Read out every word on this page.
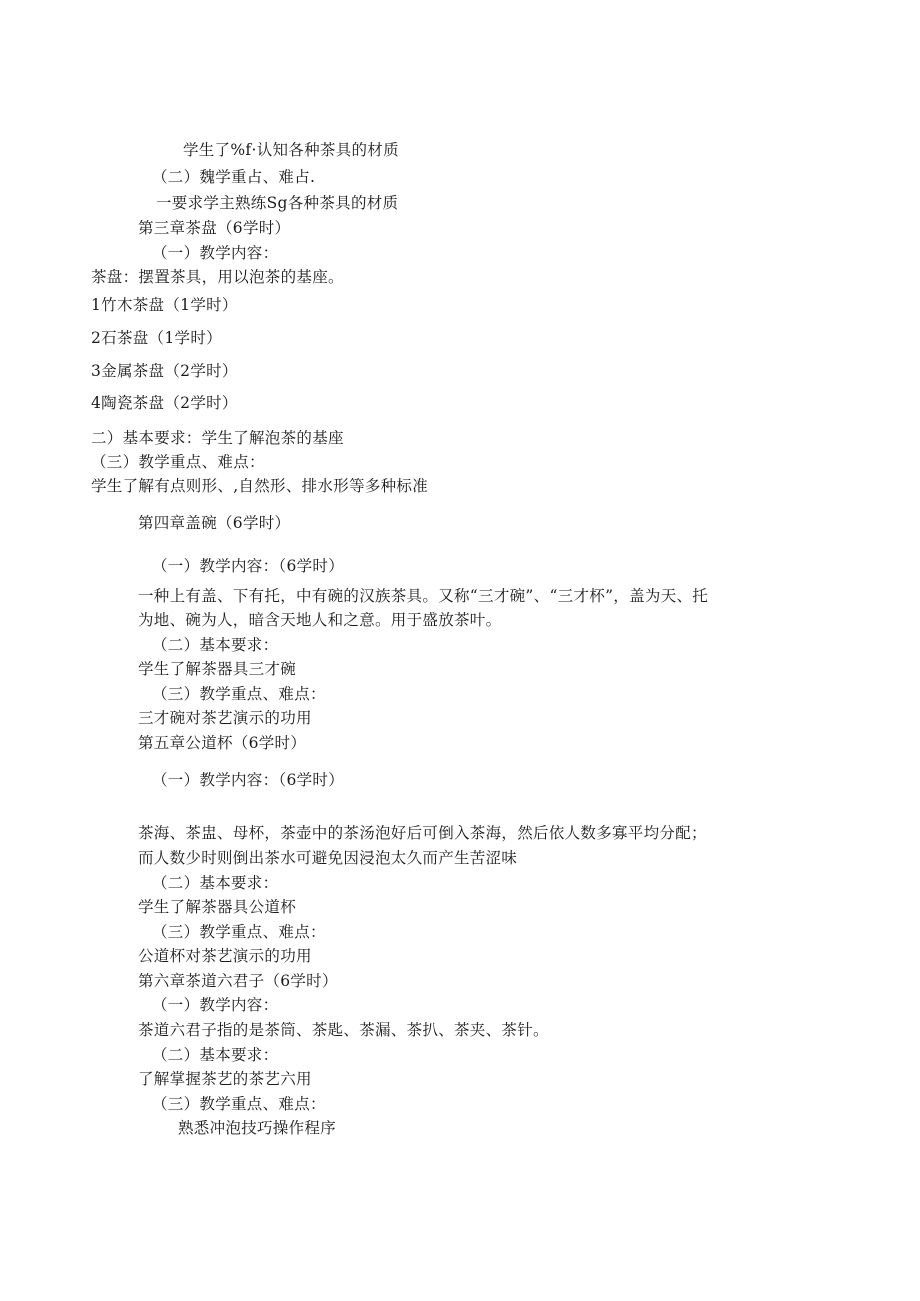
学生了%f·认知各种茶具的材质
（二）魏学重占、难占.
一要求学主熟练Sg各种茶具的材质
第三章茶盘（6学时）
（一）教学内容：
茶盘：摆置茶具，用以泡茶的基座。
1竹木茶盘（1学时）
2石茶盘（1学时）
3金属茶盘（2学时）
4陶瓷茶盘（2学时）
二）基本要求：学生了解泡茶的基座
（三）教学重点、难点：
学生了解有点则形、,自然形、排水形等多种标准
第四章盖碗（6学时）
（一）教学内容：（6学时）
一种上有盖、下有托，中有碗的汉族茶具。又称“三才碗”、“三才杯”，盖为天、托
为地、碗为人，暗含天地人和之意。用于盛放茶叶。
（二）基本要求：
学生了解茶器具三才碗
（三）教学重点、难点：
三才碗对茶艺演示的功用
第五章公道杯（6学时）
（一）教学内容：（6学时）
茶海、茶盅、母杯，茶壶中的茶汤泡好后可倒入茶海，然后依人数多寡平均分配；
而人数少时则倒出茶水可避免因浸泡太久而产生苦涩味
（二）基本要求：
学生了解茶器具公道杯
（三）教学重点、难点：
公道杯对茶艺演示的功用
第六章茶道六君子（6学时）
（一）教学内容：
茶道六君子指的是茶筒、茶匙、茶漏、茶扒、茶夹、茶针。
（二）基本要求：
了解掌握茶艺的茶艺六用
（三）教学重点、难点：
熟悉冲泡技巧操作程序
